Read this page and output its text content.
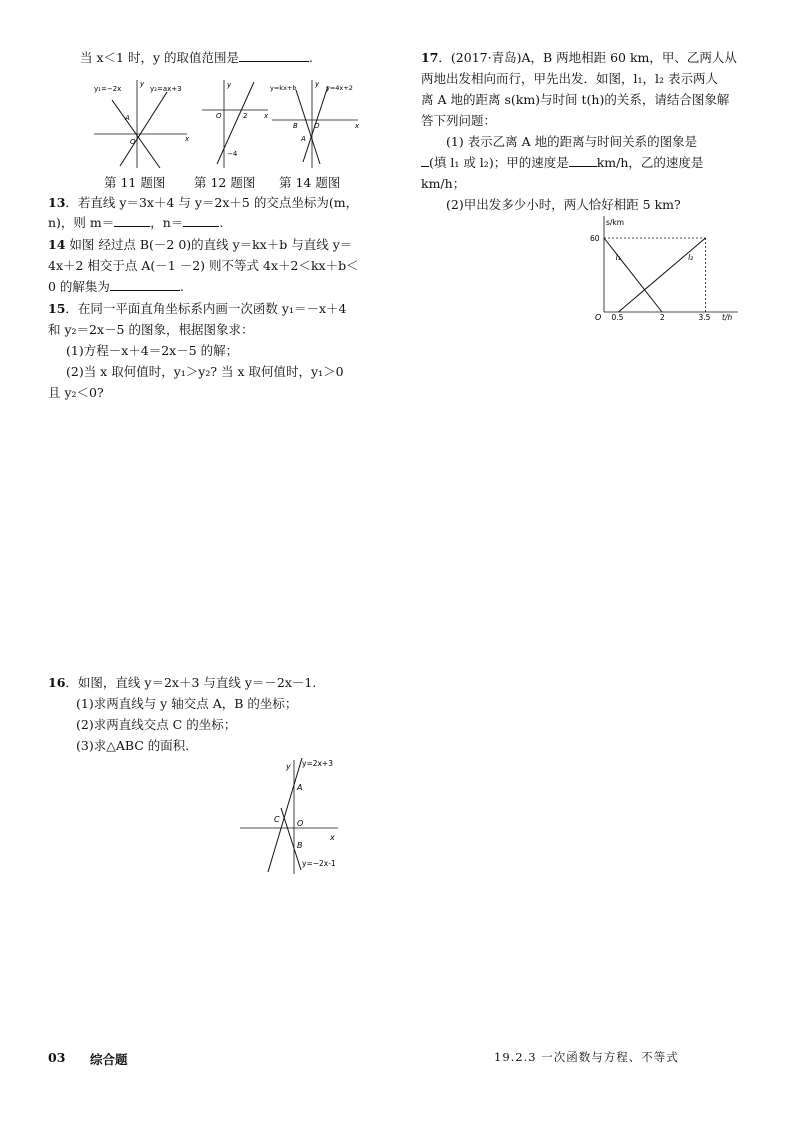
当 x＜1 时，y 的取值范围是	.
y₁=−2x	y₂=ax+3
A
O	x
y
O	2
−4
x
y	y=kx+b	y=4x+2
B O
A
x
y
第 11 题图 第 12 题图 第 14 题图
13．若直线 y＝3x＋4 与 y＝2x＋5 的交点坐标为(m，
n)，则 m＝	，n＝	.
14 如图 经过点 B(－2 0)的直线 y＝kx＋b 与直线 y＝
4x＋2 相交于点 A(－1 －2) 则不等式 4x＋2＜kx＋b＜
0 的解集为	.
15．在同一平面直角坐标系内画一次函数 y₁＝－x＋4
和 y₂＝2x－5 的图象，根据图象求：
(1)方程－x＋4＝2x－5 的解；
(2)当 x 取何值时，y₁＞y₂? 当 x 取何值时，y₁＞0
且 y₂＜0?
16．如图，直线 y＝2x＋3 与直线 y＝－2x－1.
(1)求两直线与 y 轴交点 A，B 的坐标；
(2)求两直线交点 C 的坐标；
(3)求△ABC 的面积．
y=2x+3
y=−2x-1
A
B
C O
x
y
17．(2017·青岛)A，B 两地相距 60 km，甲、乙两人从
两地出发相向而行，甲先出发．如图，l₁，l₂ 表示两人
离 A 地的距离 s(km)与时间 t(h)的关系，请结合图象解
答下列问题：
(1) 表示乙离 A 地的距离与时间关系的图象是
(填 l₁ 或 l₂)；甲的速度是 km/h，乙的速度是
km/h；
(2)甲出发多少小时，两人恰好相距 5 km?
s/km
t/h
60
O 0.5	2	3.5
l₁	l₂
03 综合题	19.2.3 一次函数与方程、不等式
